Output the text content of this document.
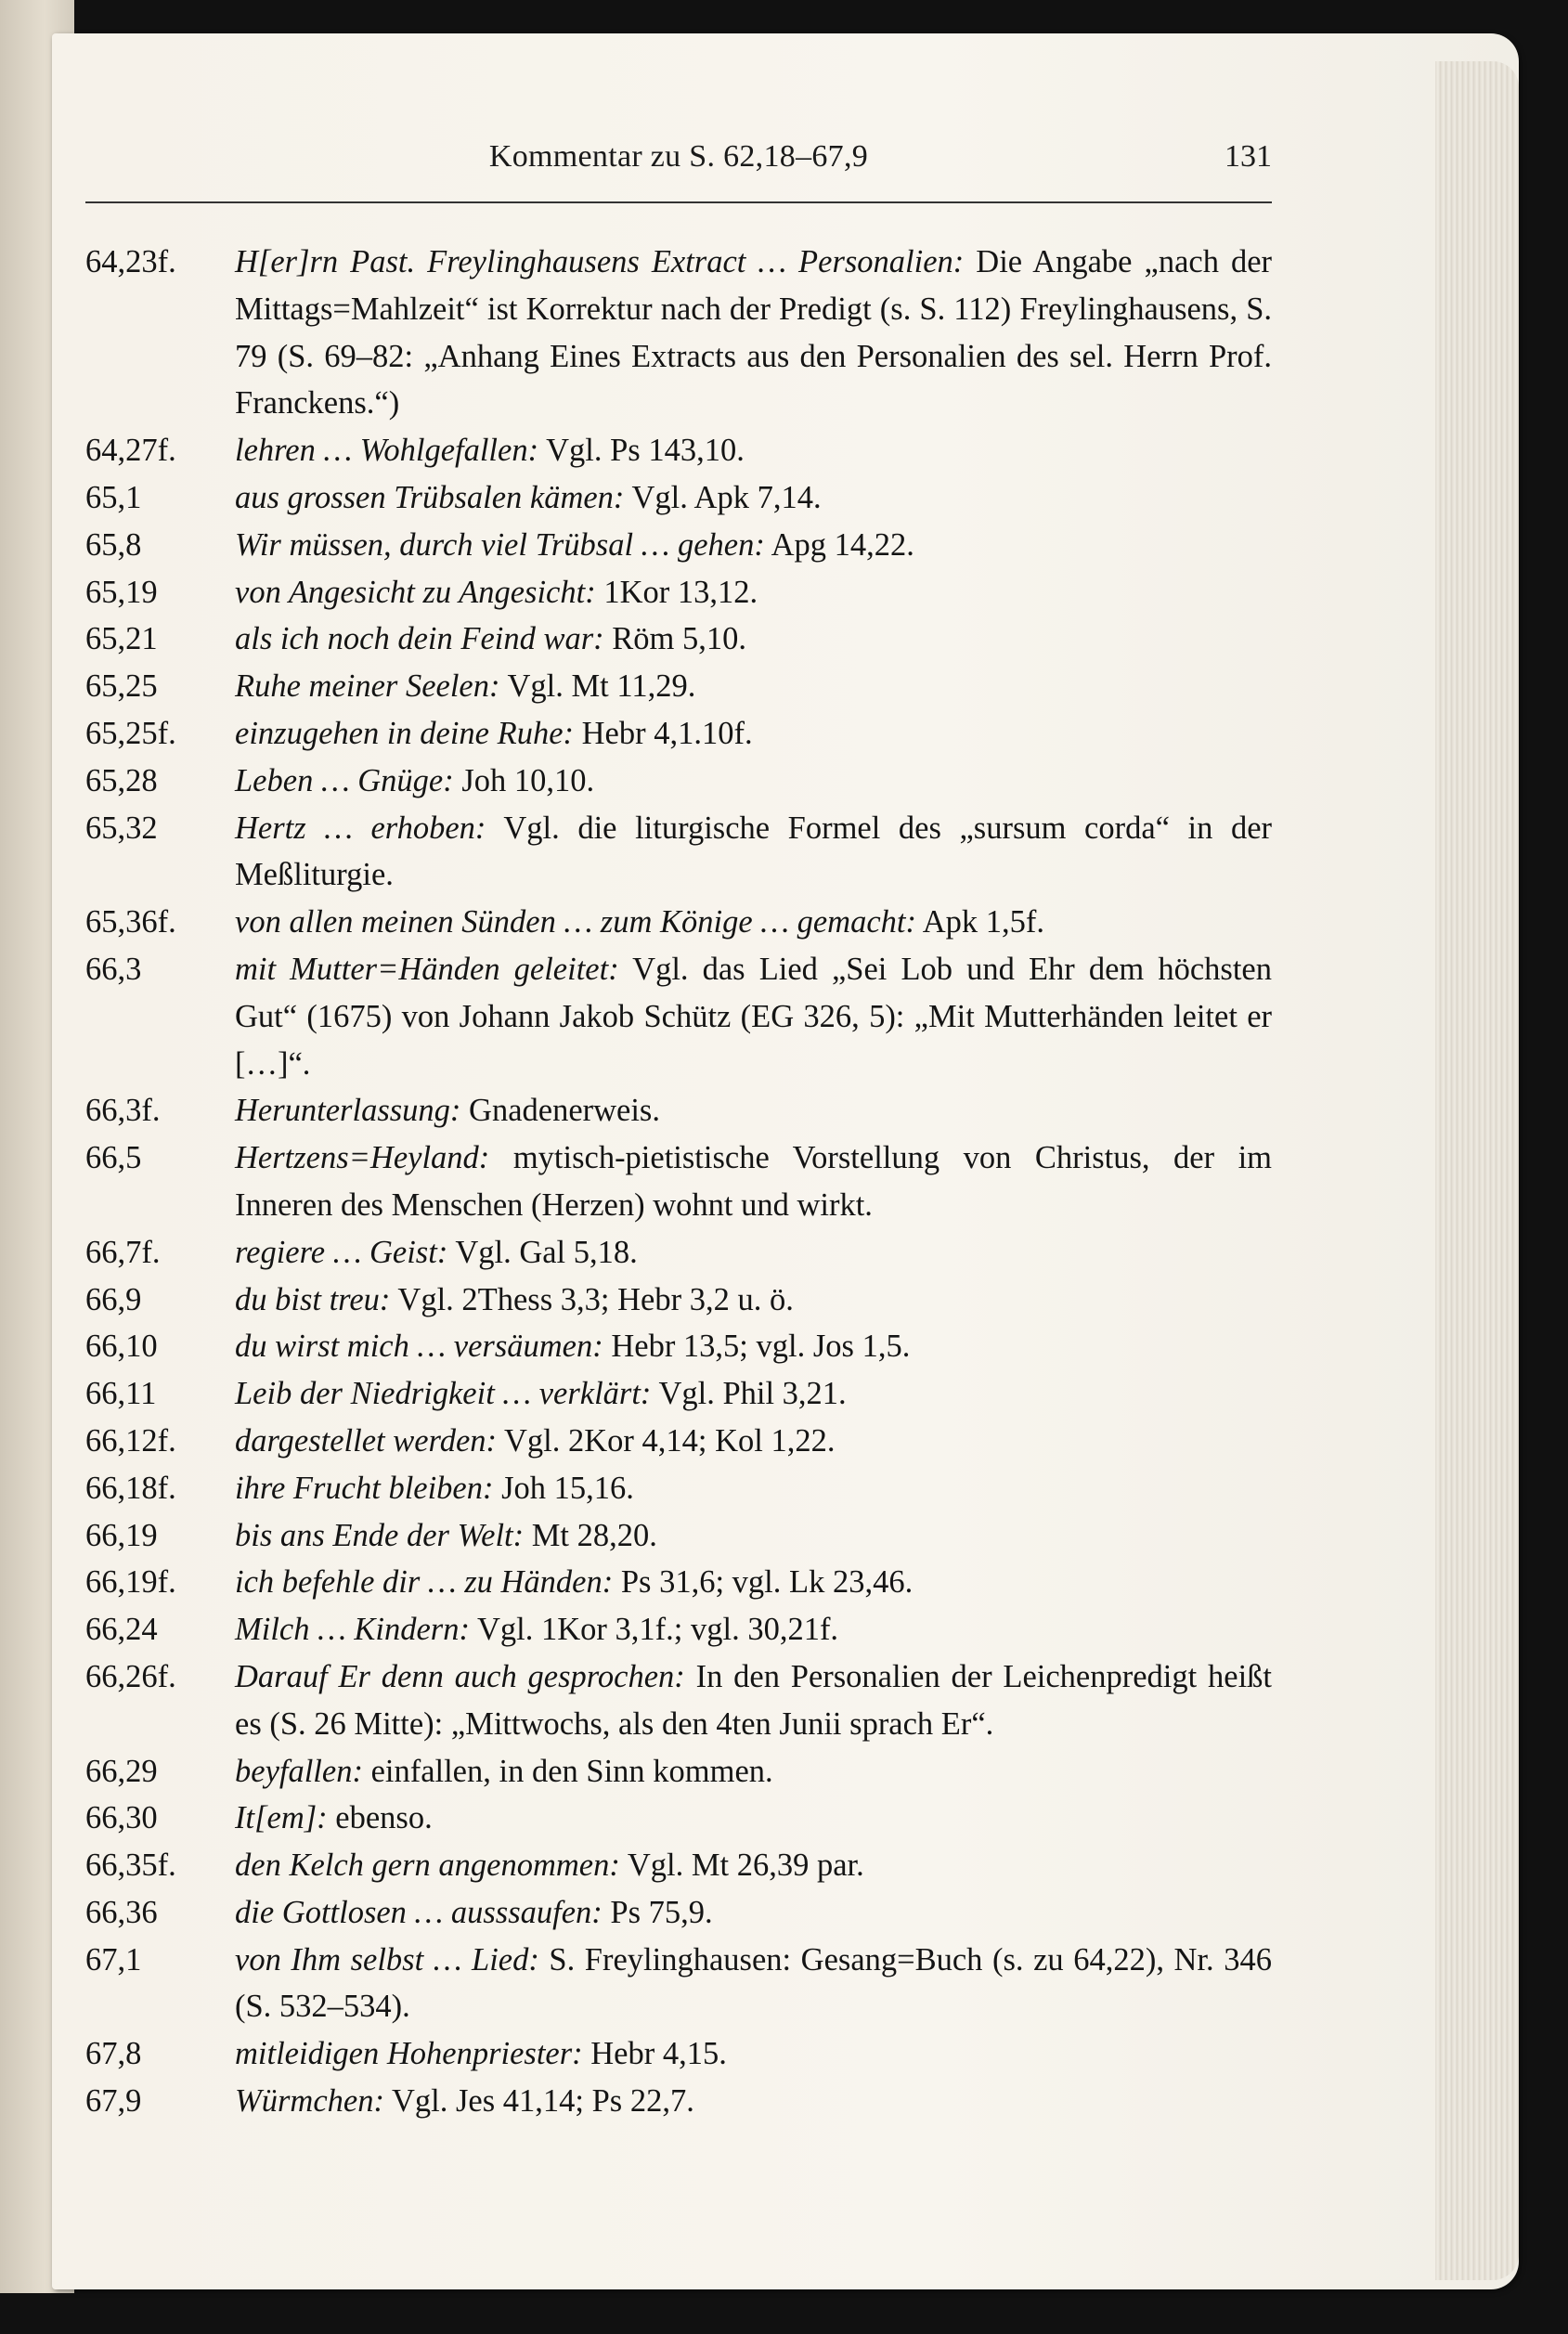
Kommentar zu S. 62,18–67,9	131
64,23f.	H[er]rn Past. Freylinghausens Extract … Personalien: Die Angabe „nach der Mittags=Mahlzeit“ ist Korrektur nach der Predigt (s. S. 112) Freylinghausens, S. 79 (S. 69–82: „Anhang Eines Extracts aus den Personalien des sel. Herrn Prof. Franckens.“)
64,27f.	lehren … Wohlgefallen: Vgl. Ps 143,10.
65,1	aus grossen Trübsalen kämen: Vgl. Apk 7,14.
65,8	Wir müssen, durch viel Trübsal … gehen: Apg 14,22.
65,19	von Angesicht zu Angesicht: 1Kor 13,12.
65,21	als ich noch dein Feind war: Röm 5,10.
65,25	Ruhe meiner Seelen: Vgl. Mt 11,29.
65,25f.	einzugehen in deine Ruhe: Hebr 4,1.10f.
65,28	Leben … Gnüge: Joh 10,10.
65,32	Hertz … erhoben: Vgl. die liturgische Formel des „sursum corda“ in der Meßliturgie.
65,36f.	von allen meinen Sünden … zum Könige … gemacht: Apk 1,5f.
66,3	mit Mutter=Händen geleitet: Vgl. das Lied „Sei Lob und Ehr dem höchsten Gut“ (1675) von Johann Jakob Schütz (EG 326, 5): „Mit Mutterhänden leitet er […]“.
66,3f.	Herunterlassung: Gnadenerweis.
66,5	Hertzens=Heyland: mytisch-pietistische Vorstellung von Christus, der im Inneren des Menschen (Herzen) wohnt und wirkt.
66,7f.	regiere … Geist: Vgl. Gal 5,18.
66,9	du bist treu: Vgl. 2Thess 3,3; Hebr 3,2 u. ö.
66,10	du wirst mich … versäumen: Hebr 13,5; vgl. Jos 1,5.
66,11	Leib der Niedrigkeit … verklärt: Vgl. Phil 3,21.
66,12f.	dargestellet werden: Vgl. 2Kor 4,14; Kol 1,22.
66,18f.	ihre Frucht bleiben: Joh 15,16.
66,19	bis ans Ende der Welt: Mt 28,20.
66,19f.	ich befehle dir … zu Händen: Ps 31,6; vgl. Lk 23,46.
66,24	Milch … Kindern: Vgl. 1Kor 3,1f.; vgl. 30,21f.
66,26f.	Darauf Er denn auch gesprochen: In den Personalien der Leichenpredigt heißt es (S. 26 Mitte): „Mittwochs, als den 4ten Junii sprach Er“.
66,29	beyfallen: einfallen, in den Sinn kommen.
66,30	It[em]: ebenso.
66,35f.	den Kelch gern angenommen: Vgl. Mt 26,39 par.
66,36	die Gottlosen … ausssaufen: Ps 75,9.
67,1	von Ihm selbst … Lied: S. Freylinghausen: Gesang=Buch (s. zu 64,22), Nr. 346 (S. 532–534).
67,8	mitleidigen Hohenpriester: Hebr 4,15.
67,9	Würmchen: Vgl. Jes 41,14; Ps 22,7.
